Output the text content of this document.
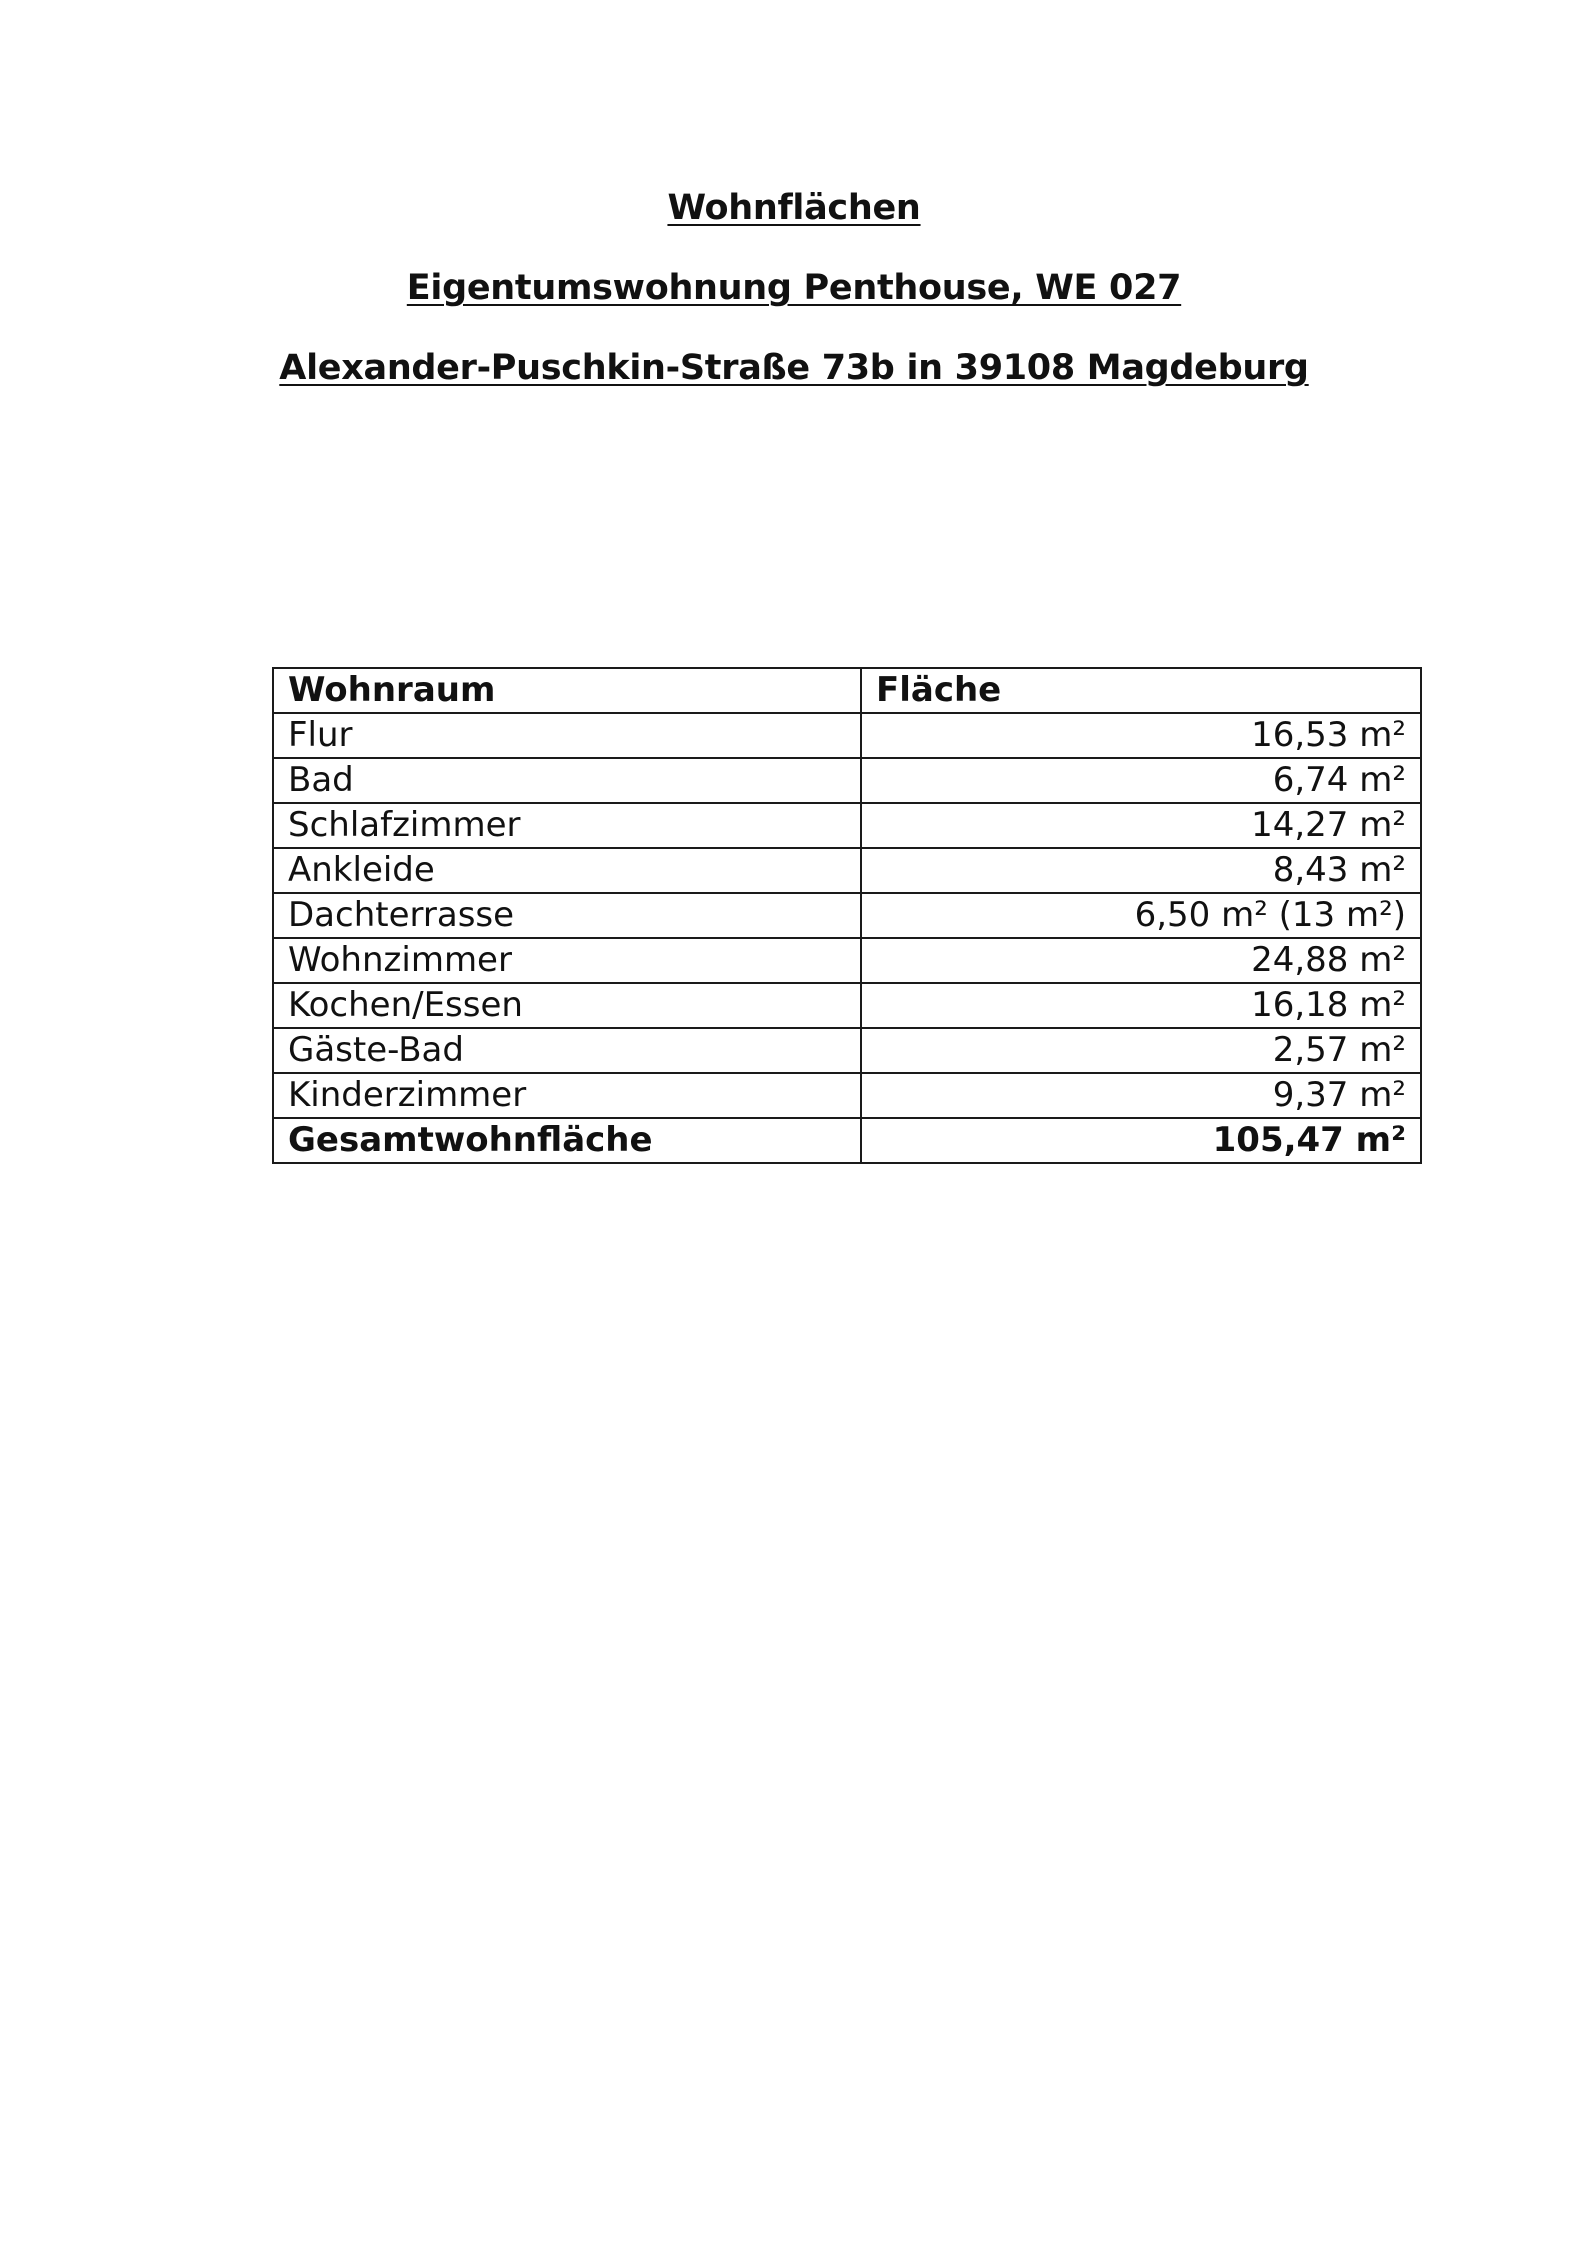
Wohnflächen

Eigentumswohnung Penthouse, WE 027

Alexander-Puschkin-Straße 73b in 39108 Magdeburg

Wohnraum	Fläche
Flur	16,53 m²
Bad	6,74 m²
Schlafzimmer	14,27 m²
Ankleide	8,43 m²
Dachterrasse	6,50 m² (13 m²)
Wohnzimmer	24,88 m²
Kochen/Essen	16,18 m²
Gäste-Bad	2,57 m²
Kinderzimmer	9,37 m²
Gesamtwohnfläche	105,47 m²
